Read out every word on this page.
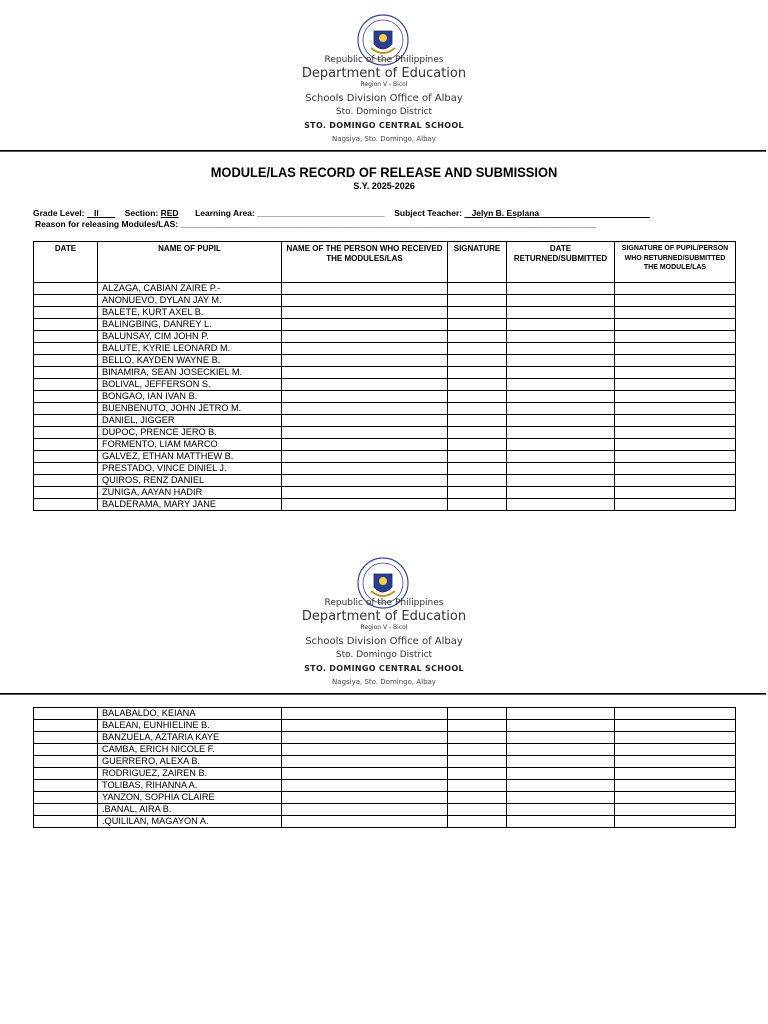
Republic of the Philippines
Department of Education
Region V - Bicol
Schools Division Office of Albay
Sto. Domingo District
STO. DOMINGO CENTRAL SCHOOL
Nagsiya, Sto. Domingo, Albay
MODULE/LAS RECORD OF RELEASE AND SUBMISSION
S.Y. 2025-2026
Grade Level: II	Section: RED Learning Area: ___________________________ Subject Teacher: Jelyn B. Esplana
Reason for releasing Modules/LAS: ________________________________________________________________________________________
DATE	NAME OF PUPIL	NAME OF THE PERSON WHO RECEIVED THE MODULES/LAS	SIGNATURE	DATE RETURNED/SUBMITTED	SIGNATURE OF PUPIL/PERSON WHO RETURNED/SUBMITTED THE MODULE/LAS
	ALZAGA, CABIAN ZAIRE P.-				
	ANONUEVO, DYLAN JAY M.				
	BALETE, KURT AXEL B.				
	BALINGBING, DANREY L.				
	BALUNSAY, CIM JOHN P.				
	BALUTE, KYRIE LEONARD M.				
	BELLO, KAYDEN WAYNE B.				
	BINAMIRA, SEAN JOSECKIEL M.				
	BOLIVAL, JEFFERSON S.				
	BONGAO, IAN IVAN B.				
	BUENBENUTO, JOHN JETRO M.				
	DANIEL, JIGGER				
	DUPOC, PRENCE JERO B.				
	FORMENTO, LIAM MARCO				
	GALVEZ, ETHAN MATTHEW B.				
	PRESTADO, VINCE DINIEL J.				
	QUIROS, RENZ DANIEL				
	ZUNIGA, AAYAN HADIR				
	BALDERAMA, MARY JANE				
Republic of the Philippines
Department of Education
Region V - Bicol
Schools Division Office of Albay
Sto. Domingo District
STO. DOMINGO CENTRAL SCHOOL
Nagsiya, Sto. Domingo, Albay
	BALABALDO, KEIANA				
	BALEAN, EUNHIELINE B.				
	BANZUELA, AZTARIA KAYE				
	CAMBA, ERICH NICOLE F.				
	GUERRERO, ALEXA B.				
	RODRIGUEZ, ZAIREN B.				
	TOLIBAS, RIHANNA A.				
	YANZON, SOPHIA CLAIRE				
	.BANAL, AIRA B.				
	.QUILILAN, MAGAYON A.				
